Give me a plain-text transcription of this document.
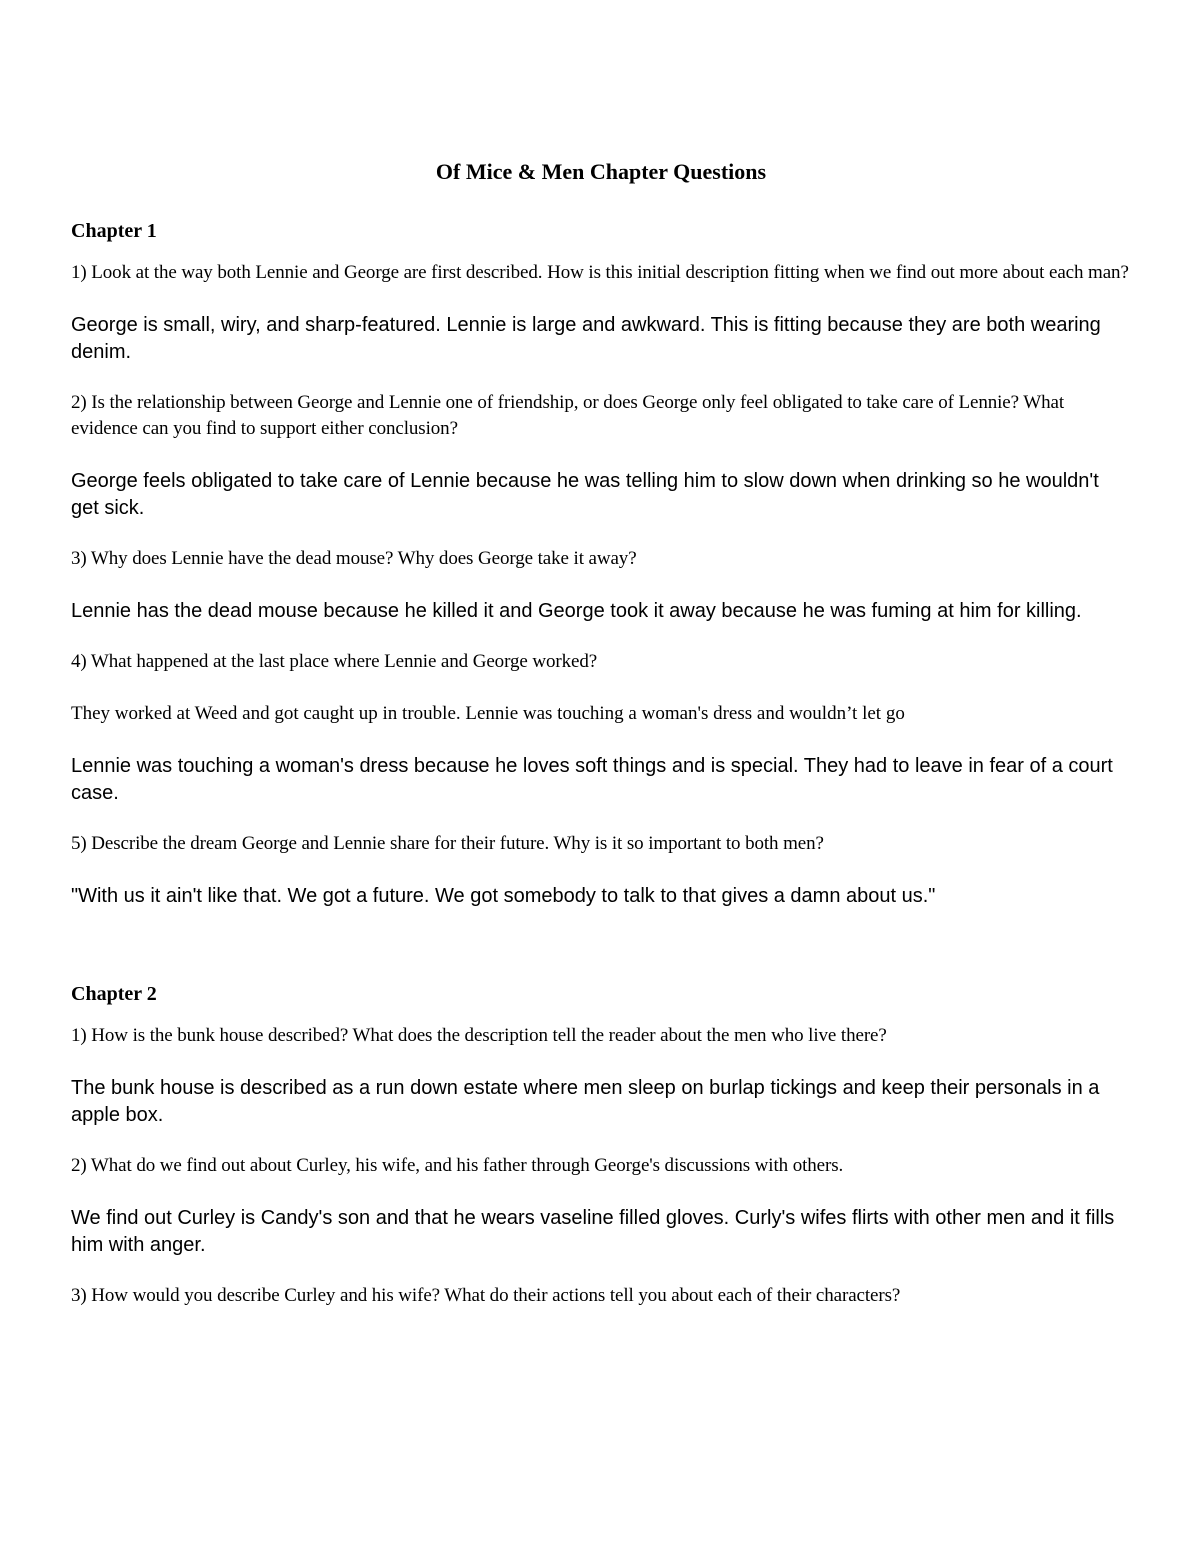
Of Mice & Men Chapter Questions
Chapter 1

1) Look at the way both Lennie and George are first described. How is this initial description fitting when we find out more about each man?

George is small, wiry, and sharp-featured. Lennie is large and awkward. This is fitting because they are both wearing denim.

2) Is the relationship between George and Lennie one of friendship, or does George only feel obligated to take care of Lennie? What evidence can you find to support either conclusion?

George feels obligated to take care of Lennie because he was telling him to slow down when drinking so he wouldn't get sick.

3) Why does Lennie have the dead mouse? Why does George take it away?

Lennie has the dead mouse because he killed it and George took it away because he was fuming at him for killing.

4) What happened at the last place where Lennie and George worked?

They worked at Weed and got caught up in trouble. Lennie was touching a woman's dress and wouldn’t let go

Lennie was touching a woman's dress because he loves soft things and is special. They had to leave in fear of a court case.

5) Describe the dream George and Lennie share for their future. Why is it so important to both men?

"With us it ain't like that. We got a future. We got somebody to talk to that gives a damn about us."

Chapter 2

1) How is the bunk house described? What does the description tell the reader about the men who live there?

The bunk house is described as a run down estate where men sleep on burlap tickings and keep their personals in a apple box.

2) What do we find out about Curley, his wife, and his father through George's discussions with others.

We find out Curley is Candy's son and that he wears vaseline filled gloves. Curly's wifes flirts with other men and it fills him with anger.

3) How would you describe Curley and his wife? What do their actions tell you about each of their characters?
